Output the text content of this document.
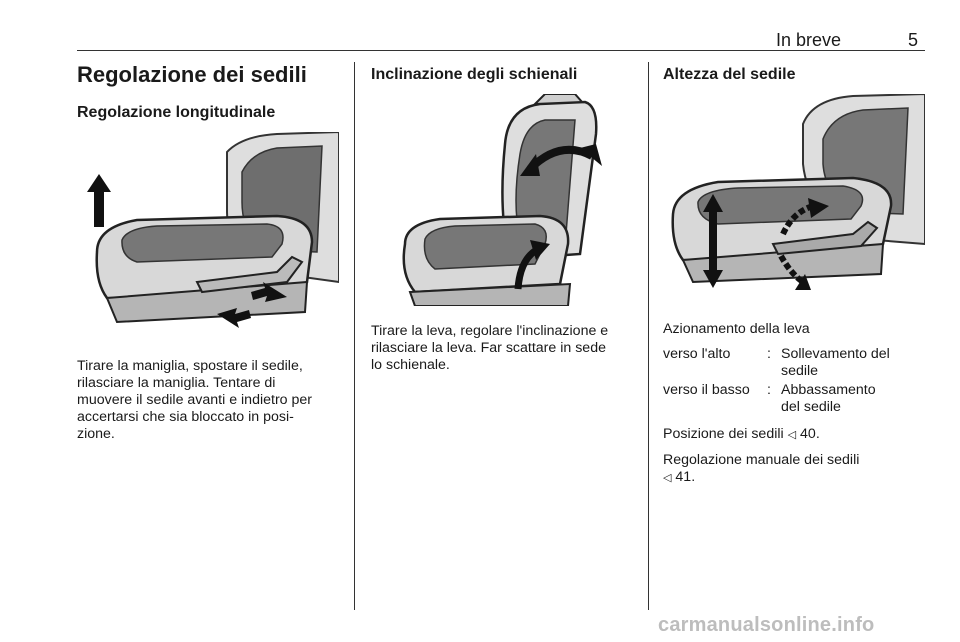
In breve	5
Regolazione dei sedili
Regolazione longitudinale
Tirare la maniglia, spostare il sedile,
rilasciare la maniglia. Tentare di
muovere il sedile avanti e indietro per
accertarsi che sia bloccato in posi-
zione.
Inclinazione degli schienali
Tirare la leva, regolare l'inclinazione e
rilasciare la leva. Far scattare in sede
lo schienale.
Altezza del sedile
Azionamento della leva
verso l'alto	:	Sollevamento del
sedile

verso il basso	:	Abbassamento
del sedile
Posizione dei sedili ◁ 40.
Regolazione manuale dei sedili
◁ 41.
carmanualsonline.info
